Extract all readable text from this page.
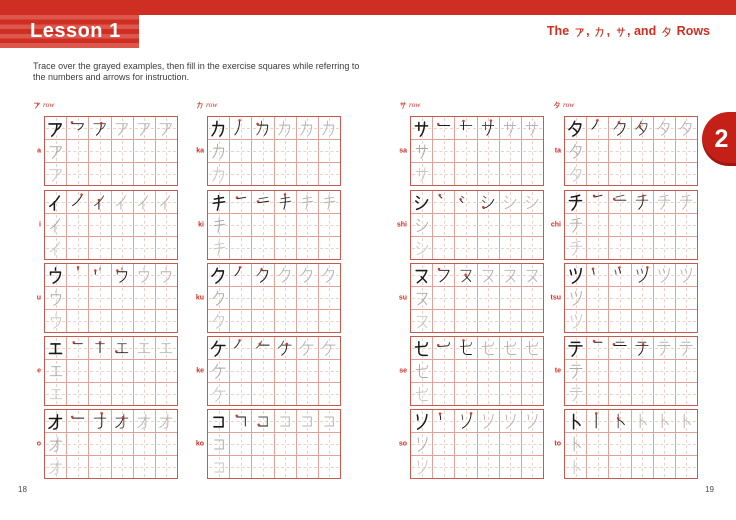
Lesson 1	The , , , and Rows
Trace over the grayed examples, then fill in the exercise squares while referring to
the numbers and arrows for instruction.
2
row
a
i
u
e
o
row
ka
ki
ku
ke
ko
row
sa
shi
su
se
so
row
ta
chi
tsu
te
to
18	19
